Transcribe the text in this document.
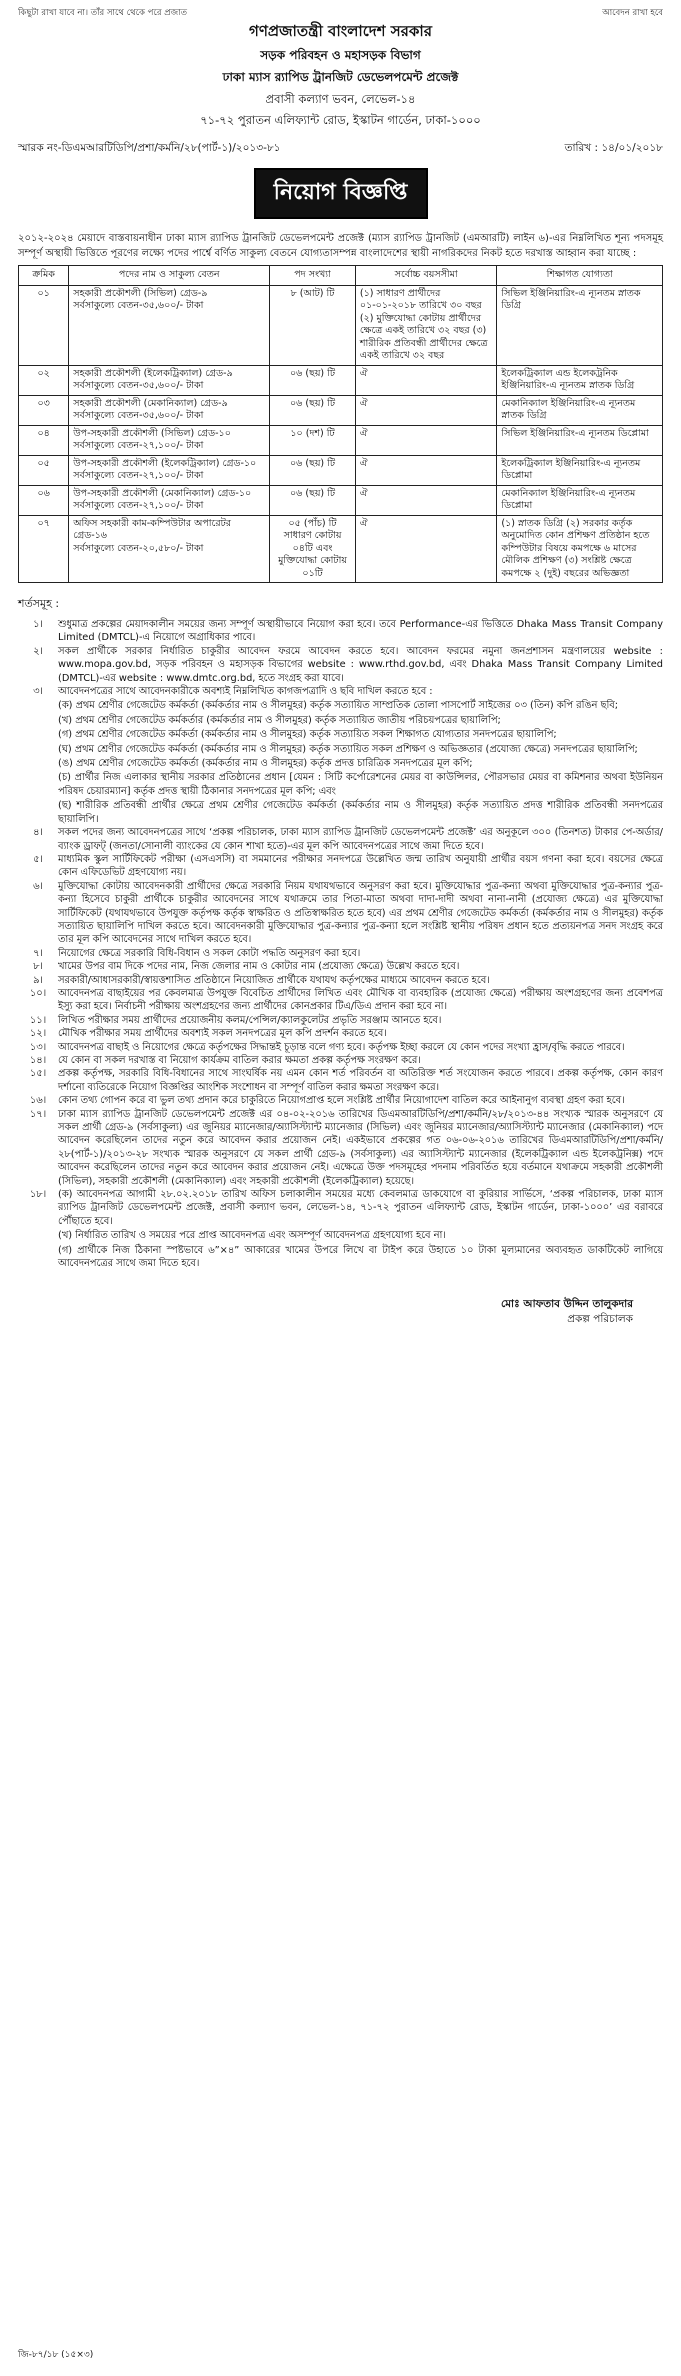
কিছুটা রাখা যাবে না। তাঁর সাথে থেকে পরে প্রজাত	আবেদন রাখা হবে
গণপ্রজাতন্ত্রী বাংলাদেশ সরকার
সড়ক পরিবহন ও মহাসড়ক বিভাগ
ঢাকা ম্যাস র‍্যাপিড ট্রানজিট ডেভেলপমেন্ট প্রজেক্ট
প্রবাসী কল্যাণ ভবন, লেভেল-১৪
৭১-৭২ পুরাতন এলিফ্যান্ট রোড, ইস্কাটন গার্ডেন, ঢাকা-১০০০
স্মারক নং-ডিএমআরটিডিপি/প্রশা/কর্মনি/২৮(পার্ট-১)/২০১৩-৮১	তারিখ : ১৪/০১/২০১৮
নিয়োগ বিজ্ঞপ্তি
২০১২-২০২৪ মেয়াদে বাস্তবায়নাধীন ঢাকা ম্যাস র‍্যাপিড ট্রানজিট ডেভেলপমেন্ট প্রজেক্ট (ম্যাস র‍্যাপিড ট্রানজিট (এমআরটি) লাইন ৬)-এর নিম্নলিখিত শূন্য পদসমূহ সম্পূর্ণ অস্থায়ী ভিত্তিতে পূরণের লক্ষ্যে পদের পার্শ্বে বর্ণিত সাকুল্য বেতনে যোগ্যতাসম্পন্ন বাংলাদেশের স্থায়ী নাগরিকদের নিকট হতে দরখাস্ত আহ্বান করা যাচ্ছে :
ক্রমিক	পদের নাম ও সাকুল্য বেতন	পদ সংখ্যা	সর্বোচ্চ বয়সসীমা	শিক্ষাগত যোগ্যতা

০১	সহকারী প্রকৌশলী (সিভিল) গ্রেড-৯
সর্বসাকুল্যে বেতন-৩৫,৬০০/- টাকা	৮ (আট) টি	(১) সাধারণ প্রার্থীদের ০১-০১-২০১৮ তারিখে ৩০ বছর (২) মুক্তিযোদ্ধা কোটায় প্রার্থীদের ক্ষেত্রে একই তারিখে ৩২ বছর (৩) শারীরিক প্রতিবন্ধী প্রার্থীদের ক্ষেত্রে একই তারিখে ৩২ বছর	সিভিল ইঞ্জিনিয়ারিং-এ ন্যূনতম স্নাতক ডিগ্রি

০২	সহকারী প্রকৌশলী (ইলেকট্রিক্যাল) গ্রেড-৯
সর্বসাকুল্যে বেতন-৩৫,৬০০/- টাকা	০৬ (ছয়) টি	ঐ	ইলেকট্রিক্যাল এন্ড ইলেকট্রনিক ইঞ্জিনিয়ারিং-এ ন্যূনতম স্নাতক ডিগ্রি

০৩	সহকারী প্রকৌশলী (মেকানিক্যাল) গ্রেড-৯
সর্বসাকুল্যে বেতন-৩৫,৬০০/- টাকা	০৬ (ছয়) টি	ঐ	মেকানিক্যাল ইঞ্জিনিয়ারিং-এ ন্যূনতম স্নাতক ডিগ্রি

০৪	উপ-সহকারী প্রকৌশলী (সিভিল) গ্রেড-১০
সর্বসাকুল্যে বেতন-২৭,১০০/- টাকা	১০ (দশ) টি	ঐ	সিভিল ইঞ্জিনিয়ারিং-এ ন্যূনতম ডিপ্লোমা

০৫	উপ-সহকারী প্রকৌশলী (ইলেকট্রিক্যাল) গ্রেড-১০
সর্বসাকুল্যে বেতন-২৭,১০০/- টাকা	০৬ (ছয়) টি	ঐ	ইলেকট্রিক্যাল ইঞ্জিনিয়ারিং-এ ন্যূনতম ডিপ্লোমা

০৬	উপ-সহকারী প্রকৌশলী (মেকানিক্যাল) গ্রেড-১০
সর্বসাকুল্যে বেতন-২৭,১০০/- টাকা	০৬ (ছয়) টি	ঐ	মেকানিক্যাল ইঞ্জিনিয়ারিং-এ ন্যূনতম ডিপ্লোমা

০৭	অফিস সহকারী কাম-কম্পিউটার অপারেটর গ্রেড-১৬
সর্বসাকুল্যে বেতন-২০,৫৮০/- টাকা	০৫ (পাঁচ) টি সাধারণ কোটায় ০৪টি এবং মুক্তিযোদ্ধা কোটায় ০১টি	ঐ	(১) স্নাতক ডিগ্রি (২) সরকার কর্তৃক অনুমোদিত কোন প্রশিক্ষণ প্রতিষ্ঠান হতে কম্পিউটার বিষয়ে কমপক্ষে ৬ মাসের মৌলিক প্রশিক্ষণ (৩) সংশ্লিষ্ট ক্ষেত্রে কমপক্ষে ২ (দুই) বছরের অভিজ্ঞতা
শর্তসমূহ :
১।	শুধুমাত্র প্রকল্পের মেয়াদকালীন সময়ের জন্য সম্পূর্ণ অস্থায়ীভাবে নিয়োগ করা হবে। তবে Performance-এর ভিত্তিতে Dhaka Mass Transit Company Limited (DMTCL)-এ নিয়োগে অগ্রাধিকার পাবে।
২।	সকল প্রার্থীকে সরকার নির্ধারিত চাকুরীর আবেদন ফরমে আবেদন করতে হবে। আবেদন ফরমের নমুনা জনপ্রশাসন মন্ত্রণালয়ের website : www.mopa.gov.bd, সড়ক পরিবহন ও মহাসড়ক বিভাগের website : www.rthd.gov.bd, এবং Dhaka Mass Transit Company Limited (DMTCL)-এর website : www.dmtc.org.bd, হতে সংগ্রহ করা যাবে।
৩।	আবেদনপত্রের সাথে আবেদনকারীকে অবশ্যই নিম্নলিখিত কাগজপত্রাদি ও ছবি দাখিল করতে হবে :
(ক) প্রথম শ্রেণীর গেজেটেড কর্মকর্তা (কর্মকর্তার নাম ও সীলমুহর) কর্তৃক সত্যায়িত সাম্প্রতিক তোলা পাসপোর্ট সাইজের ০৩ (তিন) কপি রঙিন ছবি;
(খ) প্রথম শ্রেণীর গেজেটেড কর্মকর্তার (কর্মকর্তার নাম ও সীলমুহর) কর্তৃক সত্যায়িত জাতীয় পরিচয়পত্রের ছায়ালিপি;
(গ) প্রথম শ্রেণীর গেজেটেড কর্মকর্তা (কর্মকর্তার নাম ও সীলমুহর) কর্তৃক সত্যায়িত সকল শিক্ষাগত যোগ্যতার সনদপত্রের ছায়ালিপি;
(ঘ) প্রথম শ্রেণীর গেজেটেড কর্মকর্তা (কর্মকর্তার নাম ও সীলমুহর) কর্তৃক সত্যায়িত সকল প্রশিক্ষণ ও অভিজ্ঞতার (প্রযোজ্য ক্ষেত্রে) সনদপত্রের ছায়ালিপি;
(ঙ) প্রথম শ্রেণীর গেজেটেড কর্মকর্তা (কর্মকর্তার নাম ও সীলমুহর) কর্তৃক প্রদত্ত চারিত্রিক সনদপত্রের মূল কপি;
(চ) প্রার্থীর নিজ এলাকার স্থানীয় সরকার প্রতিষ্ঠানের প্রধান [যেমন : সিটি কর্পোরেশনের মেয়র বা কাউন্সিলর, পৌরসভার মেয়র বা কমিশনার অথবা ইউনিয়ন পরিষদ চেয়ারম্যান] কর্তৃক প্রদত্ত স্থায়ী ঠিকানার সনদপত্রের মূল কপি; এবং
(ছ) শারীরিক প্রতিবন্ধী প্রার্থীর ক্ষেত্রে প্রথম শ্রেণীর গেজেটেড কর্মকর্তা (কর্মকর্তার নাম ও সীলমুহর) কর্তৃক সত্যায়িত প্রদত্ত শারীরিক প্রতিবন্ধী সনদপত্রের ছায়ালিপি।
৪।	সকল পদের জন্য আবেদনপত্রের সাথে ‘প্রকল্প পরিচালক, ঢাকা ম্যাস র‍্যাপিড ট্রানজিট ডেভেলপমেন্ট প্রজেক্ট’ এর অনুকূলে ৩০০ (তিনশত) টাকার পে-অর্ডার/ব্যাংক ড্রাফট্ (জনতা/সোনালী ব্যাংকের যে কোন শাখা হতে)-এর মূল কপি আবেদনপত্রের সাথে জমা দিতে হবে।
৫।	মাধ্যমিক স্কুল সার্টিফিকেট পরীক্ষা (এসএসসি) বা সমমানের পরীক্ষার সনদপত্রে উল্লেখিত জন্ম তারিখ অনুযায়ী প্রার্থীর বয়স গণনা করা হবে। বয়সের ক্ষেত্রে কোন এফিডেভিট গ্রহণযোগ্য নয়।
৬।	মুক্তিযোদ্ধা কোটায় আবেদনকারী প্রার্থীদের ক্ষেত্রে সরকারি নিয়ম যথাযথভাবে অনুসরণ করা হবে। মুক্তিযোদ্ধার পুত্র-কন্যা অথবা মুক্তিযোদ্ধার পুত্র-কন্যার পুত্র-কন্যা হিসেবে চাকুরী প্রার্থীকে চাকুরীর আবেদনের সাথে যথাক্রমে তার পিতা-মাতা অথবা দাদা-দাদী অথবা নানা-নানী (প্রযোজ্য ক্ষেত্রে) এর মুক্তিযোদ্ধা সার্টিফিকেট (যথাযথভাবে উপযুক্ত কর্তৃপক্ষ কর্তৃক স্বাক্ষরিত ও প্রতিস্বাক্ষরিত হতে হবে) এর প্রথম শ্রেণীর গেজেটেড কর্মকর্তা (কর্মকর্তার নাম ও সীলমুহর) কর্তৃক সত্যায়িত ছায়ালিপি দাখিল করতে হবে। আবেদনকারী মুক্তিযোদ্ধার পুত্র-কন্যার পুত্র-কন্যা হলে সংশ্লিষ্ট স্থানীয় পরিষদ প্রধান হতে প্রত্যয়নপত্র সনদ সংগ্রহ করে তার মূল কপি আবেদনের সাথে দাখিল করতে হবে।
৭।	নিয়োগের ক্ষেত্রে সরকারি বিধি-বিধান ও সকল কোটা পদ্ধতি অনুসরণ করা হবে।
৮।	খামের উপর বাম দিকে পদের নাম, নিজ জেলার নাম ও কোটার নাম (প্রযোজ্য ক্ষেত্রে) উল্লেখ করতে হবে।
৯।	সরকারী/আধাসরকারী/স্বায়ত্তশাসিত প্রতিষ্ঠানে নিয়োজিত প্রার্থীকে যথাযথ কর্তৃপক্ষের মাধ্যমে আবেদন করতে হবে।
১০।	আবেদনপত্র বাছাইয়ের পর কেবলমাত্র উপযুক্ত বিবেচিত প্রার্থীদের লিখিত এবং মৌখিক বা ব্যবহারিক (প্রযোজ্য ক্ষেত্রে) পরীক্ষায় অংশগ্রহণের জন্য প্রবেশপত্র ইস্যু করা হবে। নির্বাচনী পরীক্ষায় অংশগ্রহণের জন্য প্রার্থীদের কোনপ্রকার টিএ/ডিএ প্রদান করা হবে না।
১১।	লিখিত পরীক্ষার সময় প্রার্থীদের প্রয়োজনীয় কলম/পেন্সিল/ক্যালকুলেটর প্রভৃতি সরঞ্জাম আনতে হবে।
১২।	মৌখিক পরীক্ষার সময় প্রার্থীদের অবশ্যই সকল সনদপত্রের মূল কপি প্রদর্শন করতে হবে।
১৩।	আবেদনপত্র বাছাই ও নিয়োগের ক্ষেত্রে কর্তৃপক্ষের সিদ্ধান্তই চূড়ান্ত বলে গণ্য হবে। কর্তৃপক্ষ ইচ্ছা করলে যে কোন পদের সংখ্যা হ্রাস/বৃদ্ধি করতে পারবে।
১৪।	যে কোন বা সকল দরখাস্ত বা নিয়োগ কার্যক্রম বাতিল করার ক্ষমতা প্রকল্প কর্তৃপক্ষ সংরক্ষণ করে।
১৫।	প্রকল্প কর্তৃপক্ষ, সরকারি বিধি-বিধানের সাথে সাংঘর্ষিক নয় এমন কোন শর্ত পরিবর্তন বা অতিরিক্ত শর্ত সংযোজন করতে পারবে। প্রকল্প কর্তৃপক্ষ, কোন কারণ দর্শানো ব্যতিরেকে নিয়োগ বিজ্ঞপ্তির আংশিক সংশোধন বা সম্পূর্ণ বাতিল করার ক্ষমতা সংরক্ষণ করে।
১৬।	কোন তথ্য গোপন করে বা ভুল তথ্য প্রদান করে চাকুরিতে নিয়োগপ্রাপ্ত হলে সংশ্লিষ্ট প্রার্থীর নিয়োগাদেশ বাতিল করে আইনানুগ ব্যবস্থা গ্রহণ করা হবে।
১৭।	ঢাকা ম্যাস র‍্যাপিড ট্রানজিট ডেভেলপমেন্ট প্রজেক্ট এর ০৪-০২-২০১৬ তারিখের ডিএমআরটিডিপি/প্রশা/কর্মনি/২৮/২০১৩-৪৪ সংখ্যক স্মারক অনুসরণে যে সকল প্রার্থী গ্রেড-৯ (সর্বসাকুল্য) এর জুনিয়র ম্যানেজার/অ্যাসিস্ট্যান্ট ম্যানেজার (সিভিল) এবং জুনিয়র ম্যানেজার/অ্যাসিস্ট্যান্ট ম্যানেজার (মেকানিক্যাল) পদে আবেদন করেছিলেন তাদের নতুন করে আবেদন করার প্রয়োজন নেই। একইভাবে প্রকল্পের গত ০৬-০৬-২০১৬ তারিখের ডিএমআরটিডিপি/প্রশা/কর্মনি/২৮(পার্ট-১)/২০১৩-২৮ সংখ্যক স্মারক অনুসরণে যে সকল প্রার্থী গ্রেড-৯ (সর্বসাকুল্য) এর অ্যাসিস্ট্যান্ট ম্যানেজার (ইলেকট্রিক্যাল এন্ড ইলেকট্রনিক্স) পদে আবেদন করেছিলেন তাদের নতুন করে আবেদন করার প্রয়োজন নেই। এক্ষেত্রে উক্ত পদসমূহের পদনাম পরিবর্তিত হয়ে বর্তমানে যথাক্রমে সহকারী প্রকৌশলী (সিভিল), সহকারী প্রকৌশলী (মেকানিক্যাল) এবং সহকারী প্রকৌশলী (ইলেকট্রিক্যাল) হয়েছে।
১৮।	(ক) আবেদনপত্র আগামী ২৮.০২.২০১৮ তারিখ অফিস চলাকালীন সময়ের মধ্যে কেবলমাত্র ডাকযোগে বা কুরিয়ার সার্ভিসে, ‘প্রকল্প পরিচালক, ঢাকা ম্যাস র‍্যাপিড ট্রানজিট ডেভেলপমেন্ট প্রজেক্ট, প্রবাসী কল্যাণ ভবন, লেভেল-১৪, ৭১-৭২ পুরাতন এলিফ্যান্ট রোড, ইস্কাটন গার্ডেন, ঢাকা-১০০০’ এর বরাবরে পৌঁছাতে হবে।
(খ) নির্ধারিত তারিখ ও সময়ের পরে প্রাপ্ত আবেদনপত্র এবং অসম্পূর্ণ আবেদনপত্র গ্রহণযোগ্য হবে না।
(গ) প্রার্থীকে নিজ ঠিকানা স্পষ্টভাবে ৬”×৪” আকারের খামের উপরে লিখে বা টাইপ করে উহাতে ১০ টাকা মূল্যমানের অব্যবহৃত ডাকটিকেট লাগিয়ে আবেদনপত্রের সাথে জমা দিতে হবে।
মোঃ আফতাব উদ্দিন তালুকদার
প্রকল্প পরিচালক
জি-৮৭/১৮ (১৫×৩)
